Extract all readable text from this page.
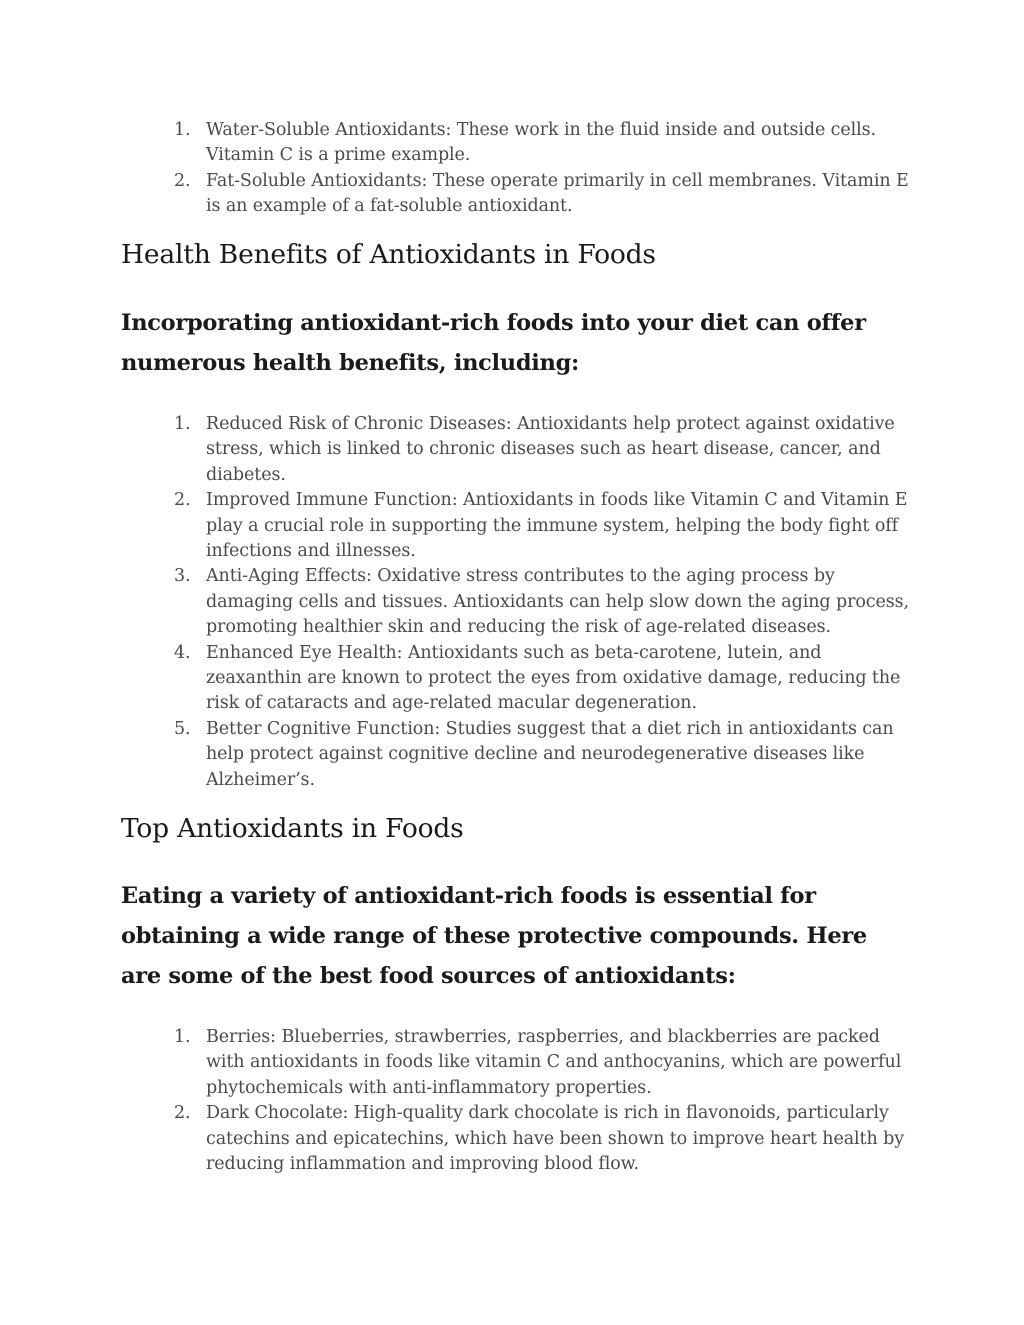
1. Water-Soluble Antioxidants: These work in the fluid inside and outside cells. Vitamin C is a prime example.
2. Fat-Soluble Antioxidants: These operate primarily in cell membranes. Vitamin E is an example of a fat-soluble antioxidant.
Health Benefits of Antioxidants in Foods
Incorporating antioxidant-rich foods into your diet can offer numerous health benefits, including:
1. Reduced Risk of Chronic Diseases: Antioxidants help protect against oxidative stress, which is linked to chronic diseases such as heart disease, cancer, and diabetes.
2. Improved Immune Function: Antioxidants in foods like Vitamin C and Vitamin E play a crucial role in supporting the immune system, helping the body fight off infections and illnesses.
3. Anti-Aging Effects: Oxidative stress contributes to the aging process by damaging cells and tissues. Antioxidants can help slow down the aging process, promoting healthier skin and reducing the risk of age-related diseases.
4. Enhanced Eye Health: Antioxidants such as beta-carotene, lutein, and zeaxanthin are known to protect the eyes from oxidative damage, reducing the risk of cataracts and age-related macular degeneration.
5. Better Cognitive Function: Studies suggest that a diet rich in antioxidants can help protect against cognitive decline and neurodegenerative diseases like Alzheimer’s.
Top Antioxidants in Foods
Eating a variety of antioxidant-rich foods is essential for obtaining a wide range of these protective compounds. Here are some of the best food sources of antioxidants:
1. Berries: Blueberries, strawberries, raspberries, and blackberries are packed with antioxidants in foods like vitamin C and anthocyanins, which are powerful phytochemicals with anti-inflammatory properties.
2. Dark Chocolate: High-quality dark chocolate is rich in flavonoids, particularly catechins and epicatechins, which have been shown to improve heart health by reducing inflammation and improving blood flow.
